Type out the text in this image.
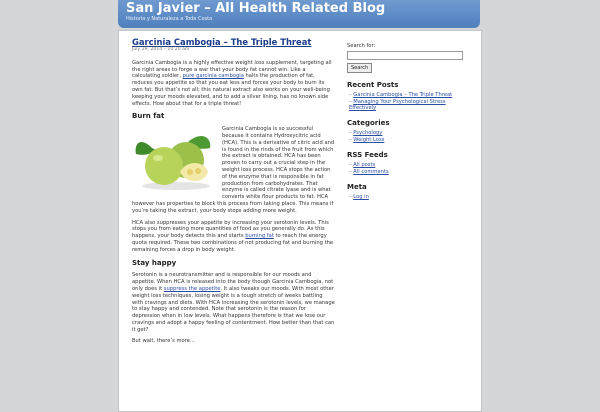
San Javier – All Health Related Blog
Historia y Naturaleza a Toda Costa
Garcinia Cambogia – The Triple Threat
July 29, 2014 – 10:20 am

Garcinia Cambogia is a highly effective weight loss supplement, targeting all the right areas to forge a war that your body fat cannot win. Like a calculating soldier, pure garcinia cambogia halts the production of fat, reduces you appetite so that you eat less and forces your body to burn its own fat. But that’s not all; this natural extract also works on your well-being keeping your moods elevated, and to add a silver lining, has no known side effects. How about that for a triple threat!

Burn fat

Garcinia Cambogia is so successful because it contains Hydroxycitric acid (HCA). This is a derivative of citric acid and is found in the rinds of the fruit from which the extract is obtained. HCA has been proven to carry out a crucial step in the weight loss process. HCA stops the action of the enzyme that is responsible in fat production from carbohydrates. That enzyme is called citrate lyase and is what converts white flour products to fat. HCA however has properties to block this process from taking place. This means if you’re taking the extract, your body stops adding more weight.

HCA also suppresses your appetite by increasing your serotonin levels. This stops you from eating more quantities of food as you generally do. As this happens, your body detects this and starts burning fat to reach the energy quota required. These two combinations of not producing fat and burning the remaining forces a drop in body weight.

Stay happy

Serotonin is a neurotransmitter and is responsible for our moods and appetite. When HCA is released into the body though Garcinia Cambogia, not only does it suppress the appetite. It also tweaks our moods. With most other weight loss techniques, losing weight is a tough stretch of weeks battling with cravings and diets. With HCA increasing the serotonin levels, we manage to stay happy and contended. Note that serotonin is the reason for depression when in low levels. What happens therefore is that we lose our cravings and adopt a happy feeling of contentment. How better than that can it get?

But wait, there’s more…

Search for:
Search
Recent Posts
– Garcinia Cambogia – The Triple Threat
– Managing Your Psychological Stress Effectively
Categories
– Psychology
– Weight Loss
RSS Feeds
– All posts
– All comments
Meta
– Log in
